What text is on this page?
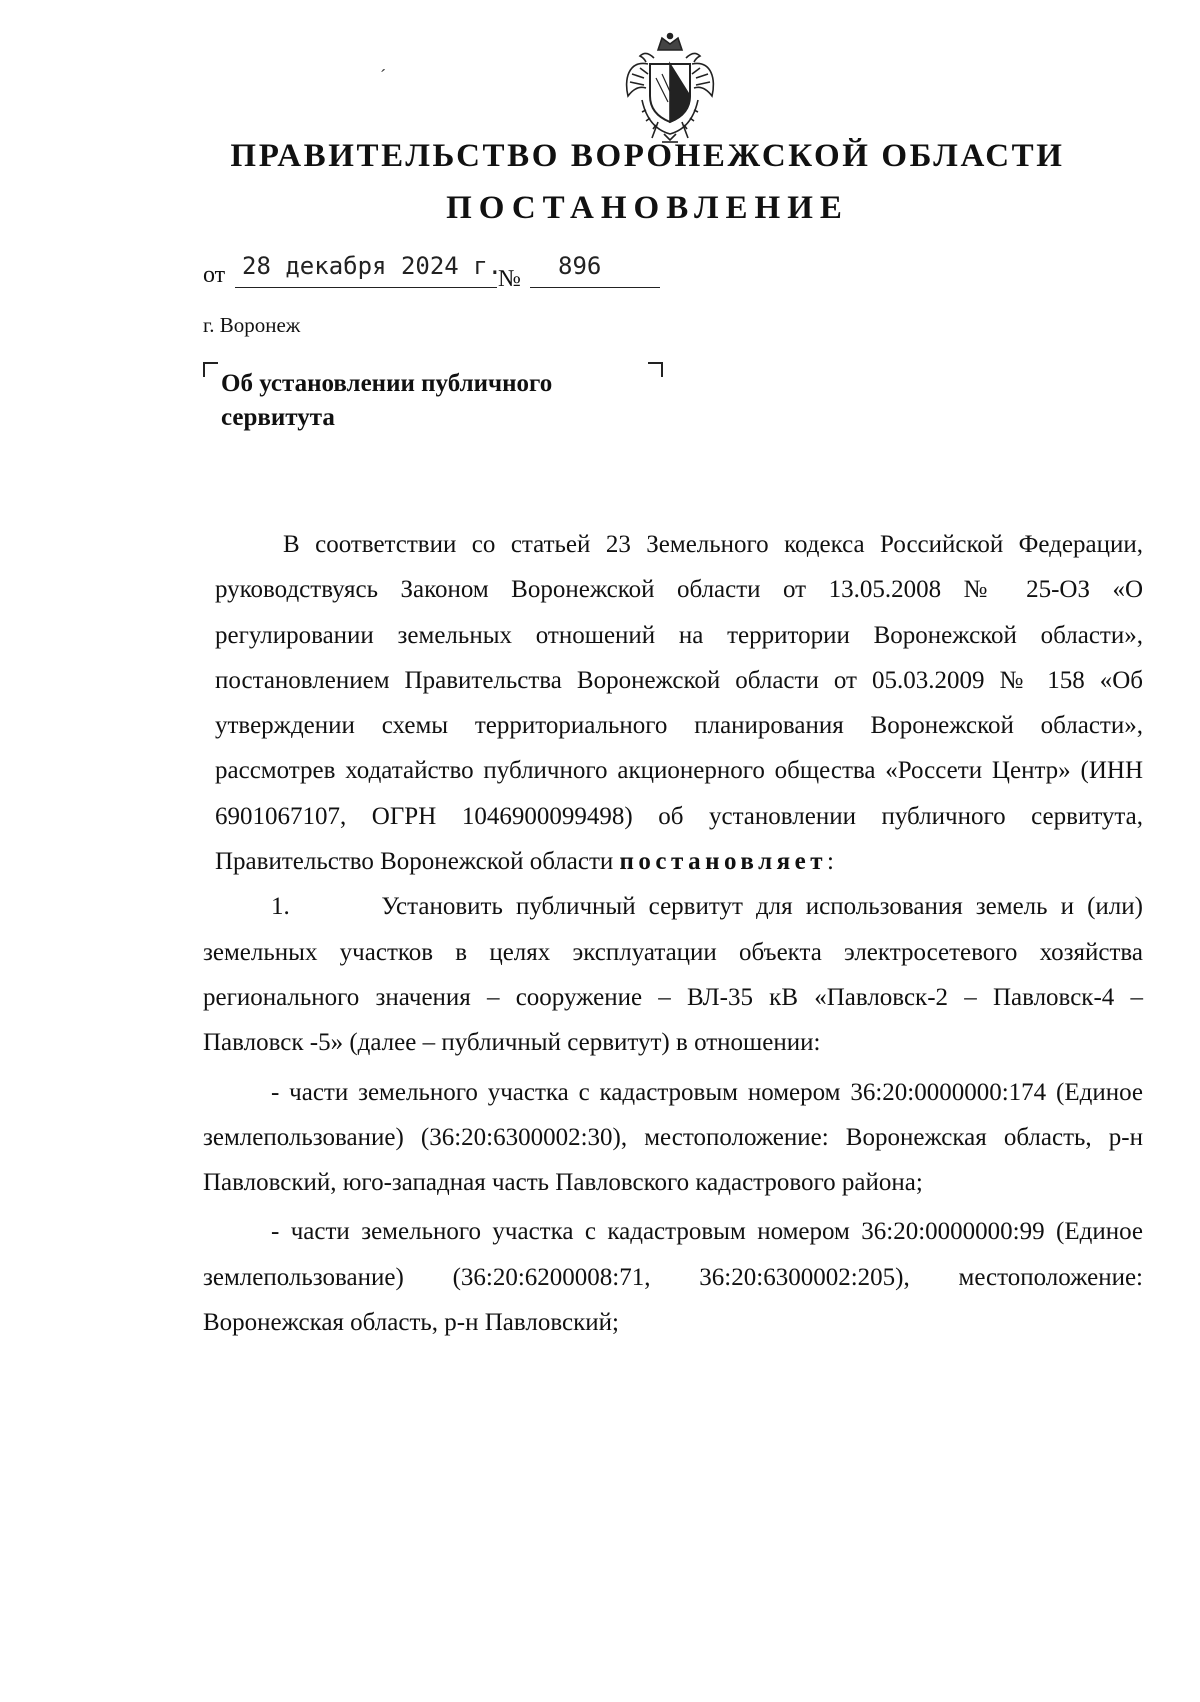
ˊ
ПРАВИТЕЛЬСТВО ВОРОНЕЖСКОЙ ОБЛАСТИ
ПОСТАНОВЛЕНИЕ
от 28 декабря 2024 г.
№ 896
г. Воронеж
Об установлении публичного
сервитута

В соответствии со статьей 23 Земельного кодекса Российской Федерации, руководствуясь Законом Воронежской области от 13.05.2008 № 25-ОЗ «О регулировании земельных отношений на территории Воронежской области», постановлением Правительства Воронежской области от 05.03.2009 № 158 «Об утверждении схемы территориального планирования Воронежской области», рассмотрев ходатайство публичного акционерного общества «Россети Центр» (ИНН 6901067107, ОГРН 1046900099498) об установлении публичного сервитута, Правительство Воронежской области постановляет:

1.	Установить публичный сервитут для использования земель и (или) земельных участков в целях эксплуатации объекта электросетевого хозяйства регионального значения – сооружение – ВЛ-35 кВ «Павловск-2 – Павловск-4 – Павловск -5» (далее – публичный сервитут) в отношении:

- части земельного участка с кадастровым номером 36:20:0000000:174 (Единое землепользование) (36:20:6300002:30), местоположение: Воронежская область, р-н Павловский, юго-западная часть Павловского кадастрового района;

- части земельного участка с кадастровым номером 36:20:0000000:99 (Единое землепользование) (36:20:6200008:71, 36:20:6300002:205), местоположение: Воронежская область, р-н Павловский;
